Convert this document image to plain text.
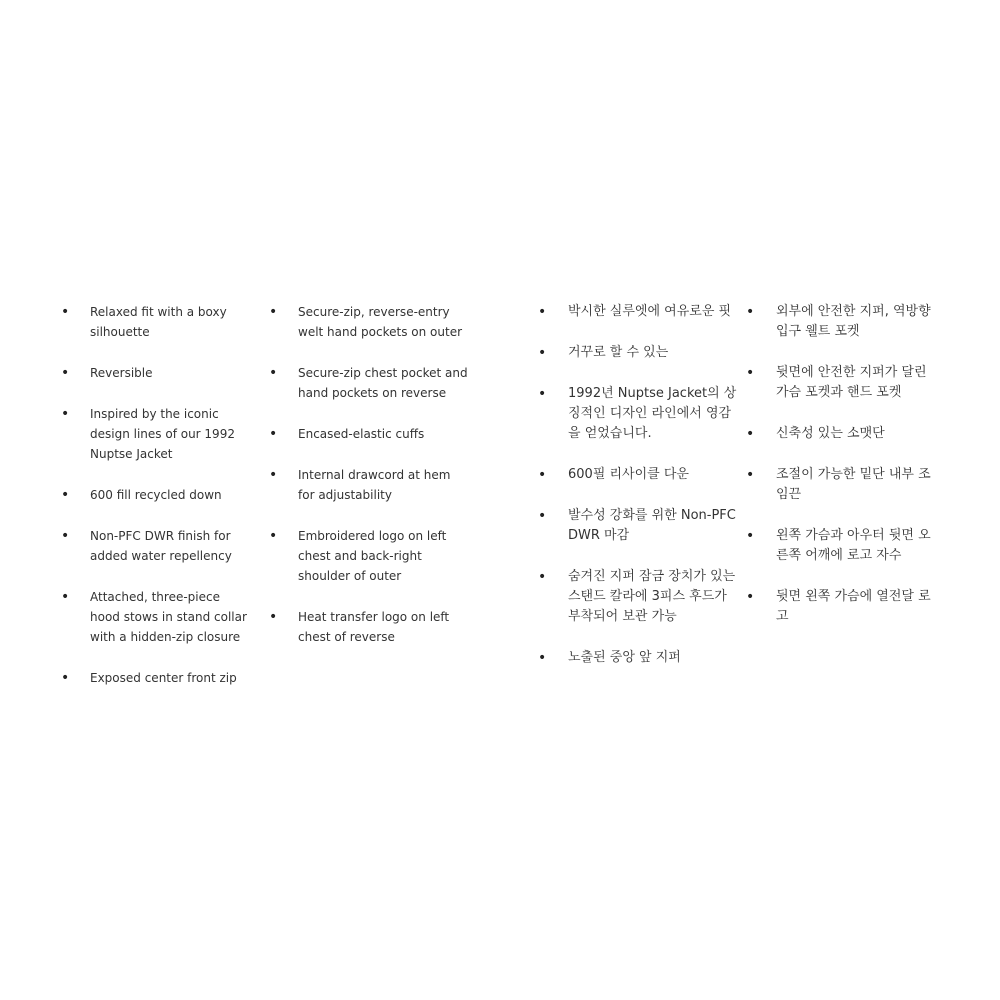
• Relaxed fit with a boxy silhouette
• Reversible
• Inspired by the iconic design lines of our 1992 Nuptse Jacket
• 600 fill recycled down
• Non-PFC DWR finish for added water repellency
• Attached, three-piece hood stows in stand collar with a hidden-zip closure
• Exposed center front zip
• Secure-zip, reverse-entry welt hand pockets on outer
• Secure-zip chest pocket and hand pockets on reverse
• Encased-elastic cuffs
• Internal drawcord at hem for adjustability
• Embroidered logo on left chest and back-right shoulder of outer
• Heat transfer logo on left chest of reverse
• 박시한 실루엣에 여유로운 핏
• 거꾸로 할 수 있는
• 1992년 Nuptse Jacket의 상징적인 디자인 라인에서 영감을 얻었습니다.
• 600필 리사이클 다운
• 발수성 강화를 위한 Non-PFC DWR 마감
• 숨겨진 지퍼 잠금 장치가 있는 스탠드 칼라에 3피스 후드가 부착되어 보관 가능
• 노출된 중앙 앞 지퍼
• 외부에 안전한 지퍼, 역방향 입구 웰트 포켓
• 뒷면에 안전한 지퍼가 달린 가슴 포켓과 핸드 포켓
• 신축성 있는 소맷단
• 조절이 가능한 밑단 내부 조임끈
• 왼쪽 가슴과 아우터 뒷면 오른쪽 어깨에 로고 자수
• 뒷면 왼쪽 가슴에 열전달 로고
